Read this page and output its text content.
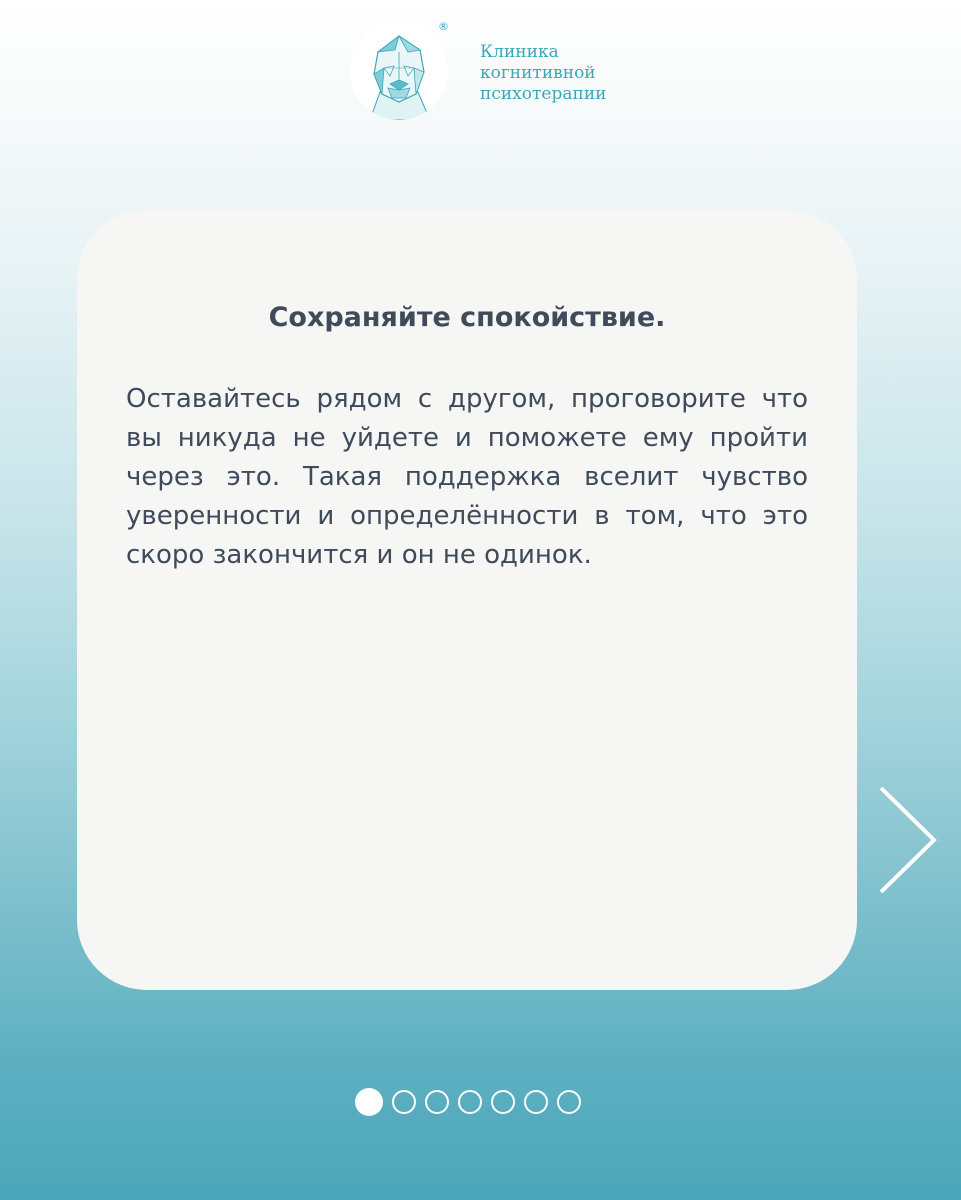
®
Клиника
когнитивной
психотерапии
Сохраняйте спокойствие.
Оставайтесь рядом с другом, проговорите что вы никуда не уйдете и поможете ему пройти через это. Такая поддержка вселит чувство уверенности и определённости в том, что это скоро закончится и он не одинок.
